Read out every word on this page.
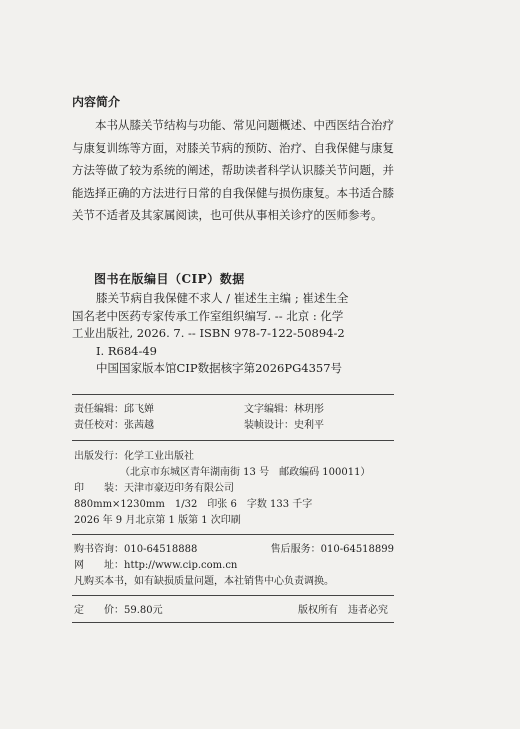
内容简介

本书从膝关节结构与功能、常见问题概述、中西医结合治疗与康复训练等方面，对膝关节病的预防、治疗、自我保健与康复方法等做了较为系统的阐述，帮助读者科学认识膝关节问题，并能选择正确的方法进行日常的自我保健与损伤康复。本书适合膝关节不适者及其家属阅读，也可供从事相关诊疗的医师参考。

图书在版编目（CIP）数据
膝关节病自我保健不求人 / 崔述生主编 ; 崔述生全
国名老中医药专家传承工作室组织编写. -- 北京 : 化学
工业出版社, 2026. 7. -- ISBN 978-7-122-50894-2
Ⅰ. R684-49
中国国家版本馆CIP数据核字第2026PG4357号
责任编辑：邱飞婵	文字编辑：林玥彤
责任校对：张茜越	装帧设计：史利平
出版发行：化学工业出版社
（北京市东城区青年湖南街 13 号　邮政编码 100011）
印　　装：天津市豪迈印务有限公司
880mm×1230mm　1/32　印张 6　字数 133 千字
2026 年 9 月北京第 1 版第 1 次印刷
购书咨询：010-64518888	售后服务：010-64518899
网　　址：http://www.cip.com.cn
凡购买本书，如有缺损质量问题，本社销售中心负责调换。
定　　价：59.80元	版权所有　违者必究
